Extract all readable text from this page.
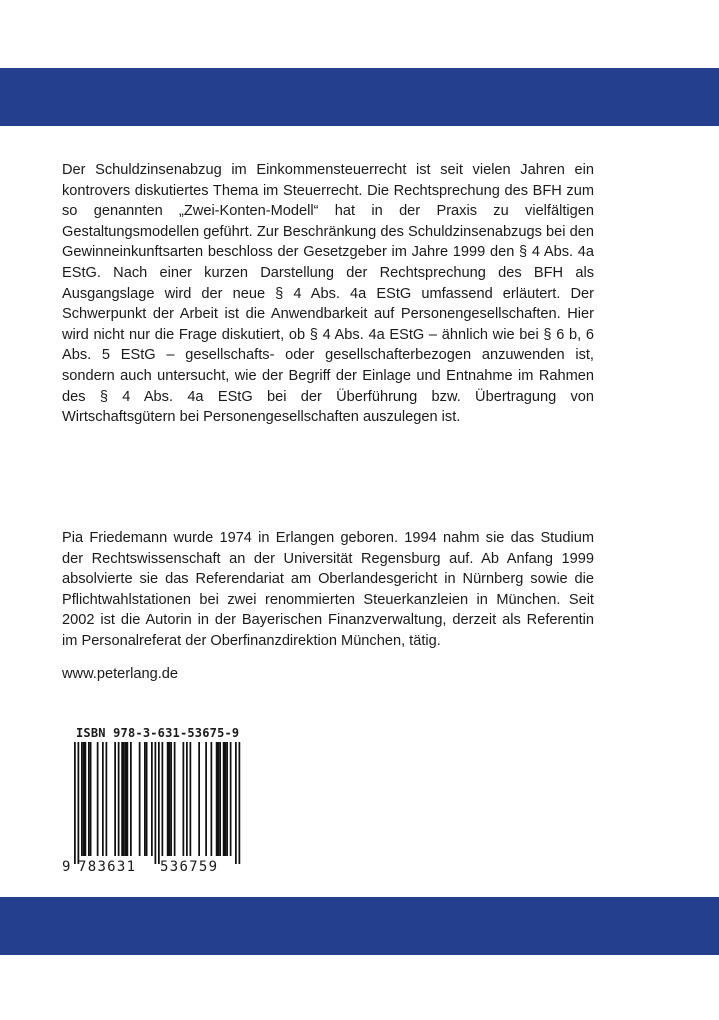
Der Schuldzinsenabzug im Einkommensteuerrecht ist seit vielen Jahren ein kontrovers diskutiertes Thema im Steuerrecht. Die Rechtsprechung des BFH zum so genannten „Zwei-Konten-Modell“ hat in der Praxis zu vielfältigen Gestaltungsmodellen geführt. Zur Beschränkung des Schuldzinsenabzugs bei den Gewinneinkunftsarten beschloss der Gesetzgeber im Jahre 1999 den § 4 Abs. 4a EStG. Nach einer kurzen Darstellung der Rechtsprechung des BFH als Ausgangslage wird der neue § 4 Abs. 4a EStG umfassend erläutert. Der Schwerpunkt der Arbeit ist die Anwendbarkeit auf Personengesellschaften. Hier wird nicht nur die Frage diskutiert, ob § 4 Abs. 4a EStG – ähnlich wie bei § 6 b, 6 Abs. 5 EStG – gesellschafts- oder gesellschafterbezogen anzuwenden ist, sondern auch untersucht, wie der Begriff der Einlage und Entnahme im Rahmen des § 4 Abs. 4a EStG bei der Überführung bzw. Übertragung von Wirtschaftsgütern bei Personengesellschaften auszulegen ist.

Pia Friedemann wurde 1974 in Erlangen geboren. 1994 nahm sie das Studium der Rechtswissenschaft an der Universität Regensburg auf. Ab Anfang 1999 absolvierte sie das Referendariat am Oberlandesgericht in Nürnberg sowie die Pflichtwahlstationen bei zwei renommierten Steuerkanzleien in München. Seit 2002 ist die Autorin in der Bayerischen Finanzverwaltung, derzeit als Referentin im Personalreferat der Oberfinanzdirektion München, tätig.

www.peterlang.de

ISBN 978-3-631-53675-9
9 783631 536759
